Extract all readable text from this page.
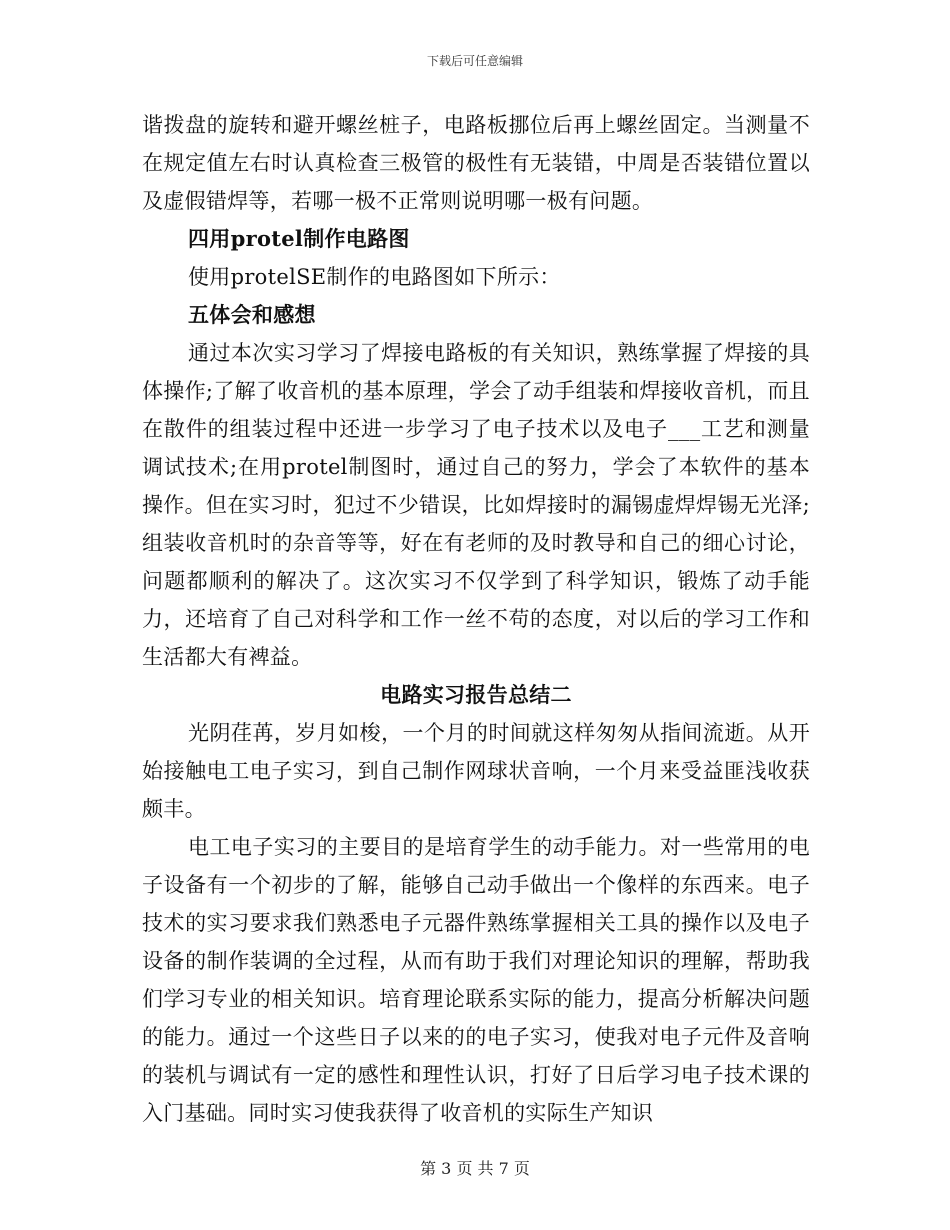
下载后可任意编辑

谐拨盘的旋转和避开螺丝桩子，电路板挪位后再上螺丝固定。当测量不在规定值左右时认真检查三极管的极性有无装错，中周是否装错位置以及虚假错焊等，若哪一极不正常则说明哪一极有问题。

四用protel制作电路图

使用protelSE制作的电路图如下所示：

五体会和感想

通过本次实习学习了焊接电路板的有关知识，熟练掌握了焊接的具体操作;了解了收音机的基本原理，学会了动手组装和焊接收音机，而且在散件的组装过程中还进一步学习了电子技术以及电子___工艺和测量调试技术;在用protel制图时，通过自己的努力，学会了本软件的基本操作。但在实习时，犯过不少错误，比如焊接时的漏锡虚焊焊锡无光泽;组装收音机时的杂音等等，好在有老师的及时教导和自己的细心讨论，问题都顺利的解决了。这次实习不仅学到了科学知识，锻炼了动手能力，还培育了自己对科学和工作一丝不苟的态度，对以后的学习工作和生活都大有裨益。

电路实习报告总结二

光阴荏苒，岁月如梭，一个月的时间就这样匆匆从指间流逝。从开始接触电工电子实习，到自己制作网球状音响，一个月来受益匪浅收获颇丰。

电工电子实习的主要目的是培育学生的动手能力。对一些常用的电子设备有一个初步的了解，能够自己动手做出一个像样的东西来。电子技术的实习要求我们熟悉电子元器件熟练掌握相关工具的操作以及电子设备的制作装调的全过程，从而有助于我们对理论知识的理解，帮助我们学习专业的相关知识。培育理论联系实际的能力，提高分析解决问题的能力。通过一个这些日子以来的的电子实习，使我对电子元件及音响的装机与调试有一定的感性和理性认识，打好了日后学习电子技术课的入门基础。同时实习使我获得了收音机的实际生产知识

第 3 页 共 7 页
